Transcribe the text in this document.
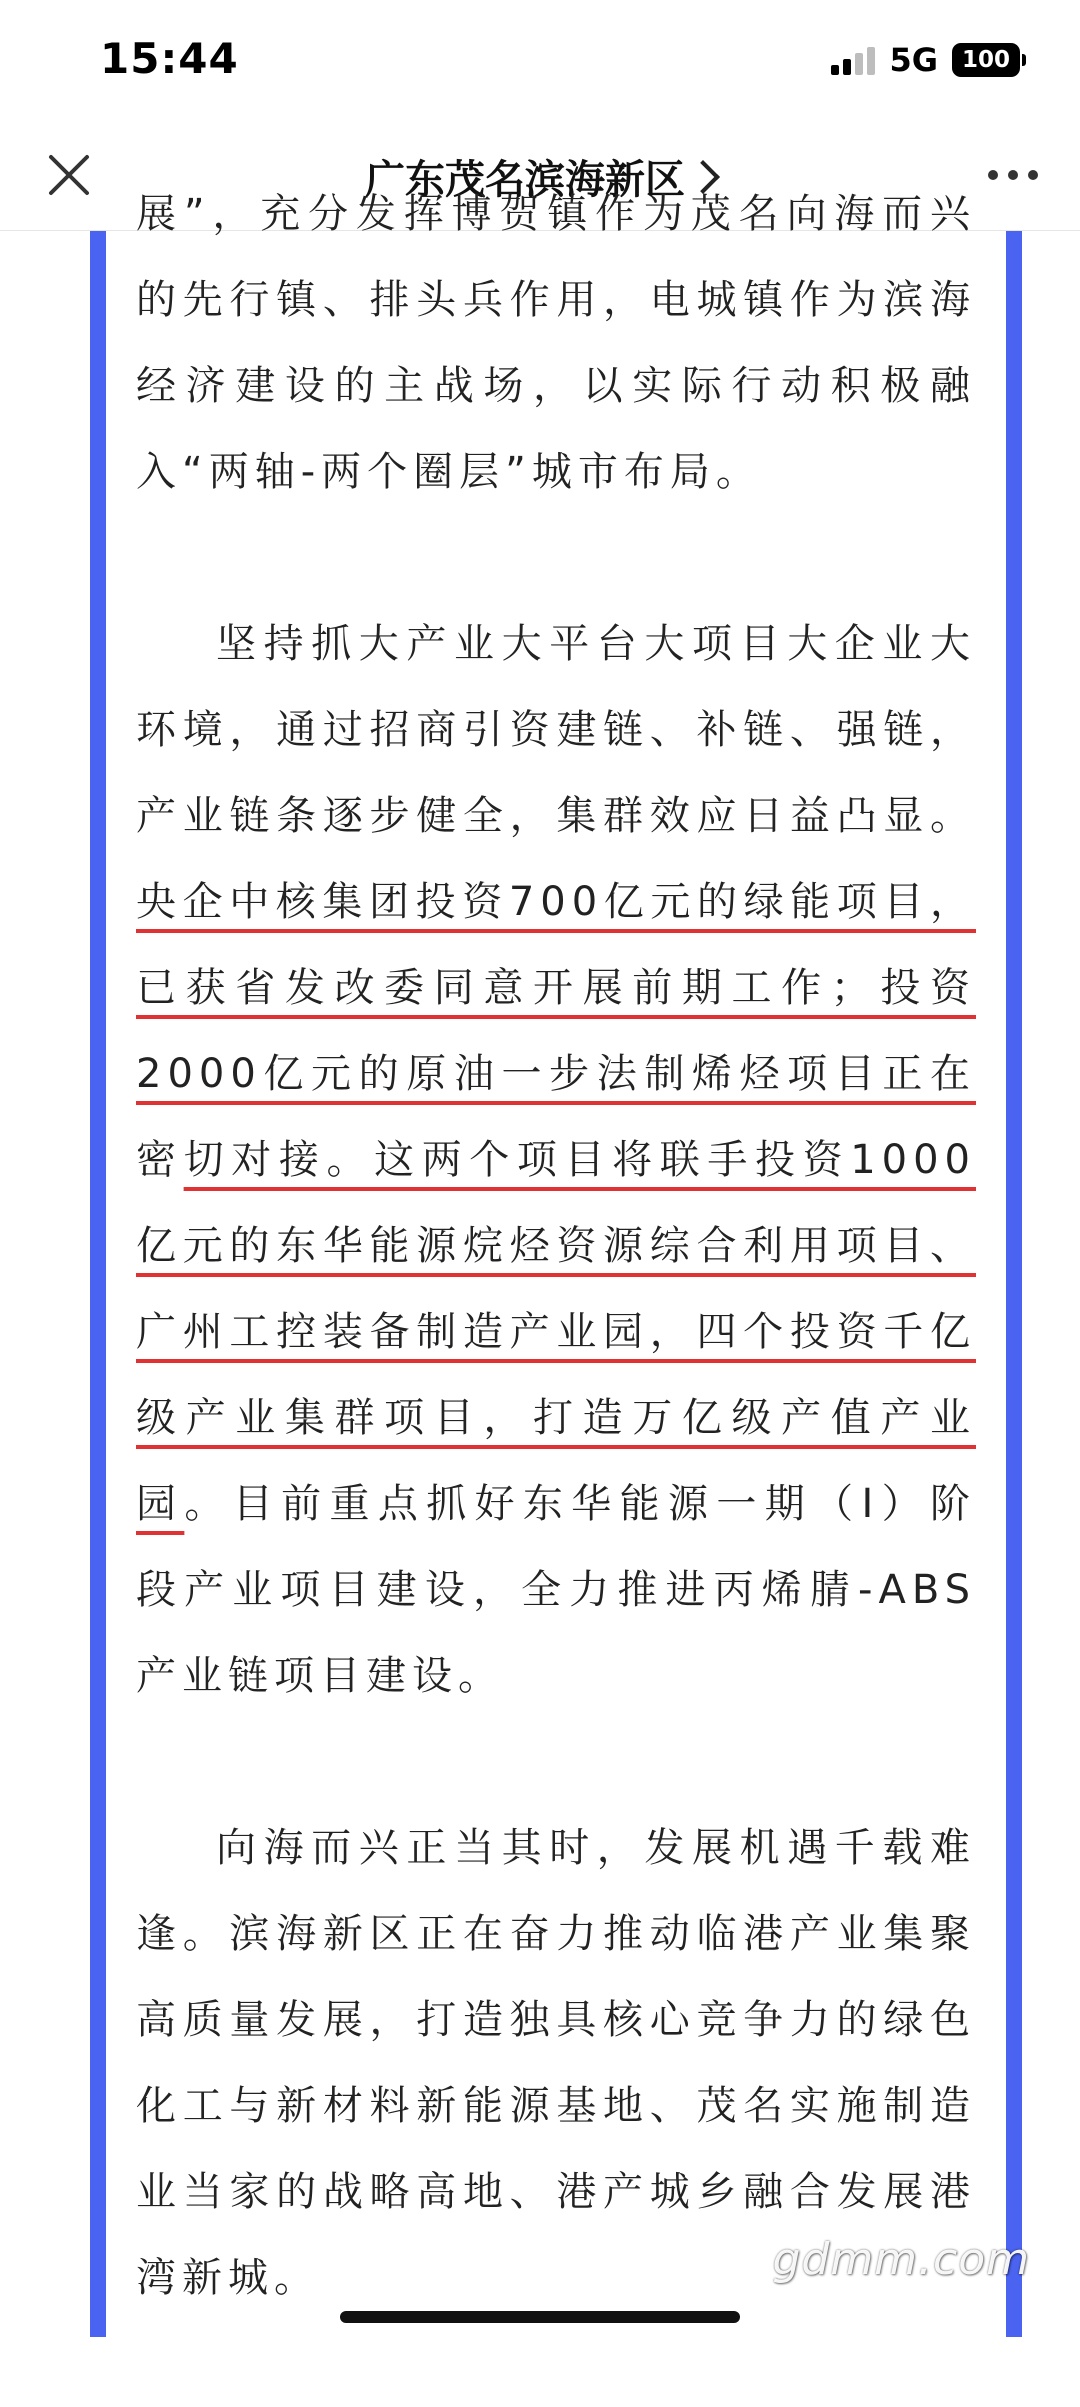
15:44	5G	100
广东茂名滨海新区

展”，充分发挥博贺镇作为茂名向海而兴的先行镇、排头兵作用，电城镇作为滨海经济建设的主战场，以实际行动积极融入“两轴-两个圈层”城市布局。

坚持抓大产业大平台大项目大企业大环境，通过招商引资建链、补链、强链，产业链条逐步健全，集群效应日益凸显。央企中核集团投资700亿元的绿能项目，已获省发改委同意开展前期工作；投资2000亿元的原油一步法制烯烃项目正在密切对接。这两个项目将联手投资1000亿元的东华能源烷烃资源综合利用项目、广州工控装备制造产业园，四个投资千亿级产业集群项目，打造万亿级产值产业园。目前重点抓好东华能源一期（I）阶段产业项目建设，全力推进丙烯腈-ABS产业链项目建设。

向海而兴正当其时，发展机遇千载难逢。滨海新区正在奋力推动临港产业集聚高质量发展，打造独具核心竞争力的绿色化工与新材料新能源基地、茂名实施制造业当家的战略高地、港产城乡融合发展港湾新城。	gdmm.com
